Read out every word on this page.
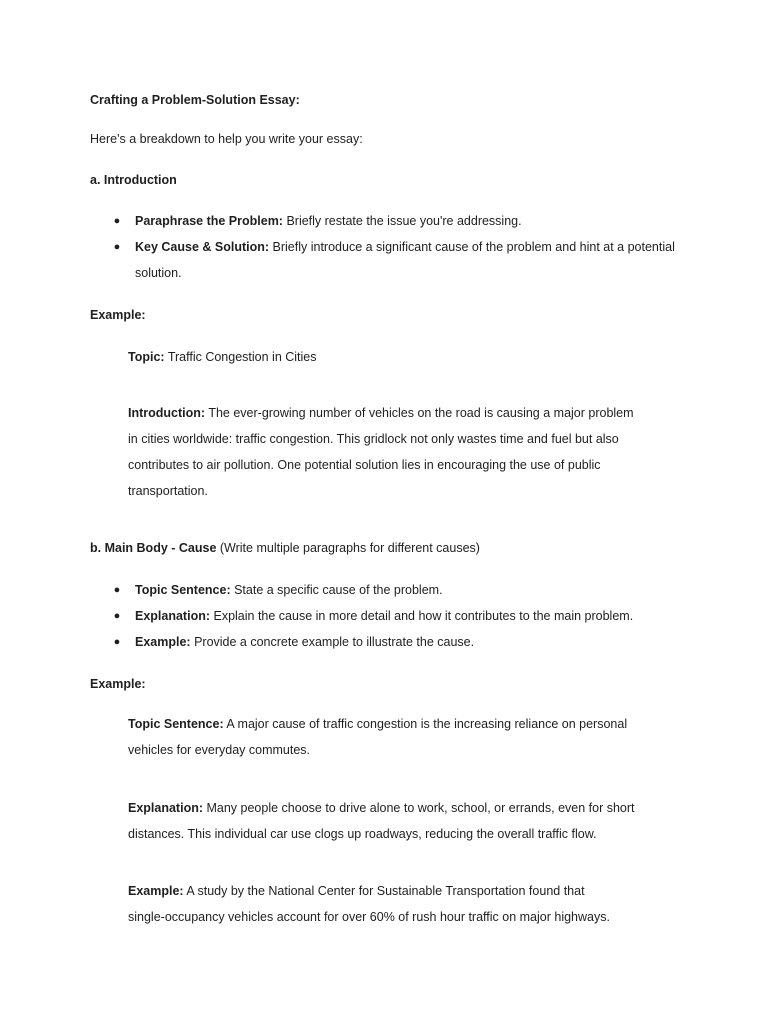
Crafting a Problem-Solution Essay:
Here's a breakdown to help you write your essay:
a. Introduction
● Paraphrase the Problem: Briefly restate the issue you're addressing.
● Key Cause & Solution: Briefly introduce a significant cause of the problem and hint at a potential
solution.
Example:
Topic: Traffic Congestion in Cities
Introduction: The ever-growing number of vehicles on the road is causing a major problem
in cities worldwide: traffic congestion. This gridlock not only wastes time and fuel but also
contributes to air pollution. One potential solution lies in encouraging the use of public
transportation.
b. Main Body - Cause (Write multiple paragraphs for different causes)
● Topic Sentence: State a specific cause of the problem.
● Explanation: Explain the cause in more detail and how it contributes to the main problem.
● Example: Provide a concrete example to illustrate the cause.
Example:
Topic Sentence: A major cause of traffic congestion is the increasing reliance on personal
vehicles for everyday commutes.
Explanation: Many people choose to drive alone to work, school, or errands, even for short
distances. This individual car use clogs up roadways, reducing the overall traffic flow.
Example: A study by the National Center for Sustainable Transportation found that
single-occupancy vehicles account for over 60% of rush hour traffic on major highways.
